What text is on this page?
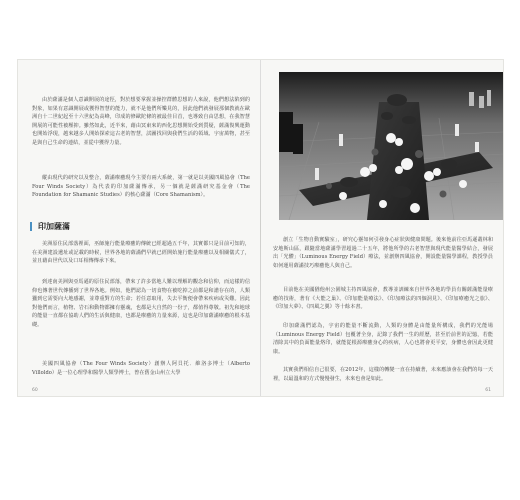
由於薩滿是個人意識開展的途徑，對於想要掌握並操控群體思想的人來說，他們想法陷到的對象，如果有意識開展或獲得智慧的能力，就不是他們所樂見的，因此他們就發展那個教就在歐洲自十二世紀起至十六世紀為高峰，印成的修歐陀條的被最佳目首，也導致自由思想，在我智慧開展的可能性被壓抑。雖然如此，近半來，藉由冥東來的西化思想開始受到質疑，薩滿復興運動也開始浮現，越來越多人開始探索這古老的智慧，試圖找回與我們生活的領域、宇宙萬物，甚至是與自己生命的連結，並從中獲得力量。

縱由現代的研究以及整合，薩滿療癒現今主要有兩大系統，第一就是以美國四風協會（The Four Winds Society）為代表的印加薩滿傳承，另一個就是薩滿研究基金會（The Foundation for Shamanic Studies）的核心薩滿（Core Shamanism）。

印加薩滿

美洲原住民部落裡面，巫師施行能量療癒的傳統已經超過五千年，其實都只是目前可知的，在美洲建設遺址或記載的時候，世界各地的薩滿們早就已經開始施行能量療癒以及相關儀式了，並且藉由世代以及口耳相傳傳承下來。

到達南美洲與亞馬遜的原住民部落，帶來了許多當地人難以理解的觀念和信仰，而這樣的信仰也傳著世代傳播到了世界各地。例如，他們認為一切食物在被吃掉之前都是和諧存在的，人類獵到它需要向大地感謝，並尊重對方的生命；若任意取用，失去平衡便會帶來疾病或災難。因此對他們而言，植物、岩石和動物都擁有靈魂，也都是大自然的一份子，都值得尊敬。祖先和地球的能量一直都在協助人們的生活與健康，也都是療癒的力量來源，這也是印加薩滿療癒的根本基礎。

美國四風協會（The Four Winds Society）創辦人阿貝托．維洛多博士（Alberto Villoldo）是一位心理學和醫學人類學博士，曾在舊金山州立大學

60

創立「生物自動實驗室」，研究心靈如何引發身心症狀與健康問題。後來他前往亞馬遜叢林和安地斯山區，跟隨當地薩滿學習超過二十五年，將他所學的古老智慧與現代能量醫學結合，發展出「光體」（Luminous Energy Field）療法，並創辦四風協會，開設能量醫學課程，教授學員如何運用薩滿技巧療癒他人與自己。

目前他在美國猶他州公園城主持四風協會，教導並訓練來自世界各地的學員有關薩滿能量療癒的技術，著有《大能之巢》、《印加能量療法》、《印加療法的四個洞見》、《印加療癒光之旅》、《印加大夢》、《四風之翼》等十餘本書。

印加薩滿們認為，宇宙的能量不斷流動，人類的身體是由能量所構成，我們的光能場（Luminous Energy Field）包覆著全身，記錄了我們一生的經歷，甚至於前世的記憶，若能清除其中的負面能量烙印，就能從根源療癒身心的疾病，人心也將會更平安，身體也會因此更健康。

其實我們相信自己很要，在2012年，這樣的轉變一直在持續著，未來應該會在我們的每一天裡，以最溫和的方式慢慢發生，未來也會是如此。

61
